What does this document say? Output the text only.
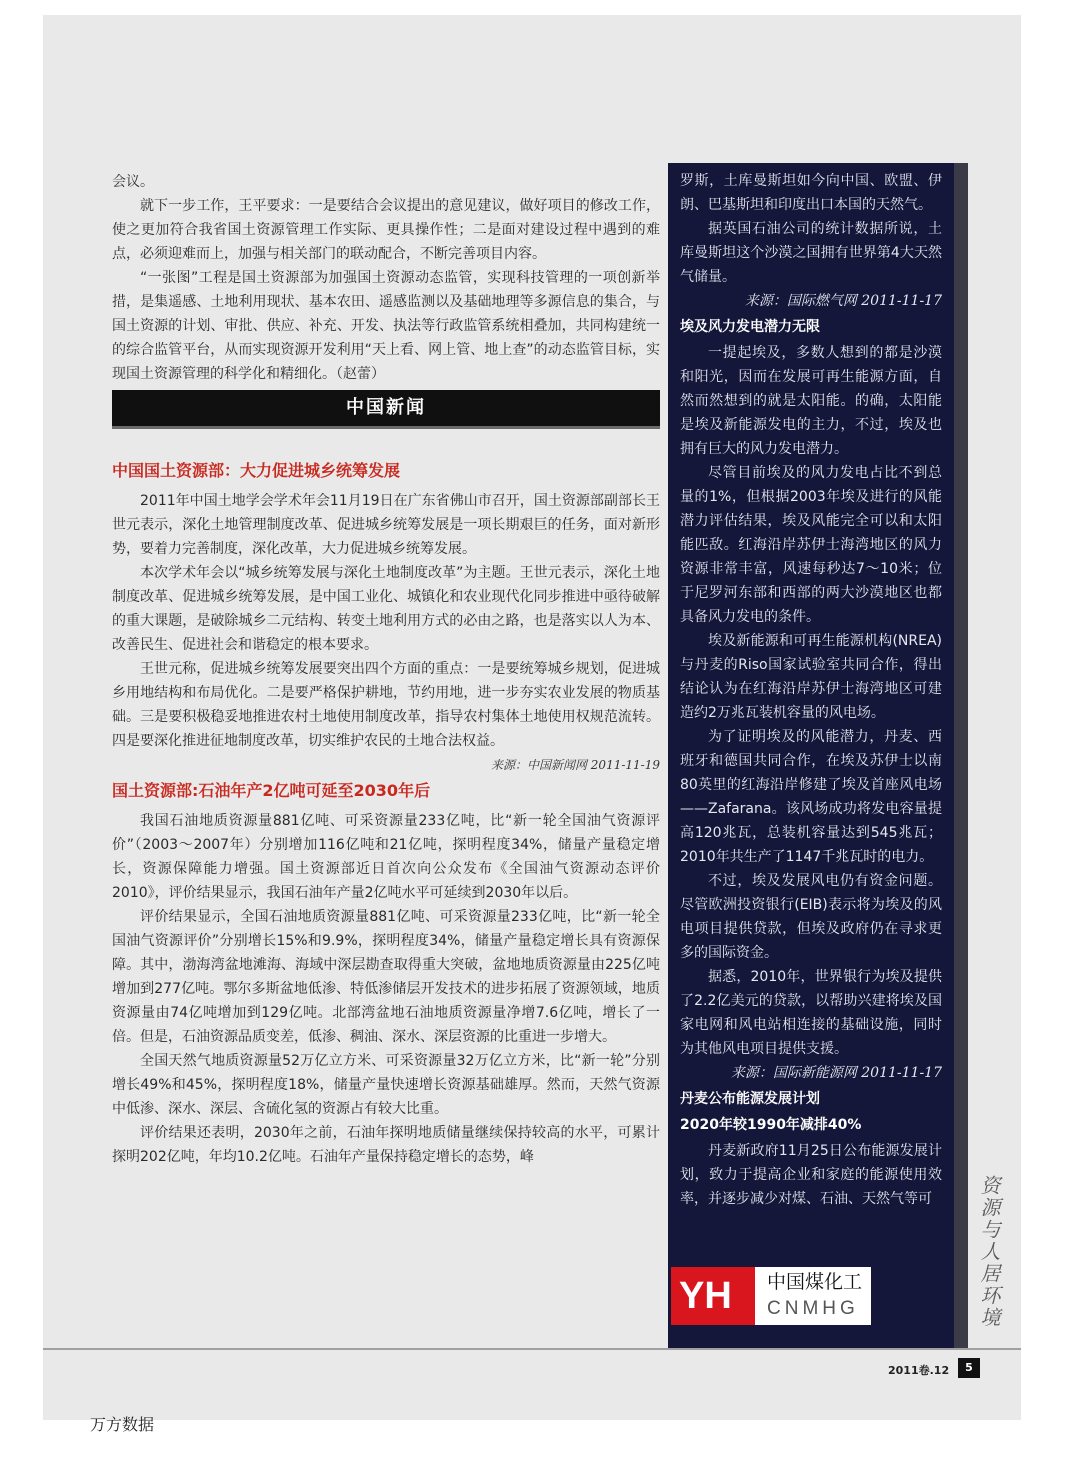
会议。

就下一步工作，王平要求：一是要结合会议提出的意见建议，做好项目的修改工作，使之更加符合我省国土资源管理工作实际、更具操作性；二是面对建设过程中遇到的难点，必须迎难而上，加强与相关部门的联动配合，不断完善项目内容。

“一张图”工程是国土资源部为加强国土资源动态监管，实现科技管理的一项创新举措，是集遥感、土地利用现状、基本农田、遥感监测以及基础地理等多源信息的集合，与国土资源的计划、审批、供应、补充、开发、执法等行政监管系统相叠加，共同构建统一的综合监管平台，从而实现资源开发利用“天上看、网上管、地上查”的动态监管目标，实现国土资源管理的科学化和精细化。（赵蕾）

中国新闻
中国国土资源部：大力促进城乡统筹发展

2011年中国土地学会学术年会11月19日在广东省佛山市召开，国土资源部副部长王世元表示，深化土地管理制度改革、促进城乡统筹发展是一项长期艰巨的任务，面对新形势，要着力完善制度，深化改革，大力促进城乡统筹发展。

本次学术年会以“城乡统筹发展与深化土地制度改革”为主题。王世元表示，深化土地制度改革、促进城乡统筹发展，是中国工业化、城镇化和农业现代化同步推进中亟待破解的重大课题，是破除城乡二元结构、转变土地利用方式的必由之路，也是落实以人为本、改善民生、促进社会和谐稳定的根本要求。

王世元称，促进城乡统筹发展要突出四个方面的重点：一是要统筹城乡规划，促进城乡用地结构和布局优化。二是要严格保护耕地，节约用地，进一步夯实农业发展的物质基础。三是要积极稳妥地推进农村土地使用制度改革，指导农村集体土地使用权规范流转。四是要深化推进征地制度改革，切实维护农民的土地合法权益。
来源：中国新闻网 2011-11-19

国土资源部:石油年产2亿吨可延至2030年后

我国石油地质资源量881亿吨、可采资源量233亿吨，比“新一轮全国油气资源评价”（2003～2007年）分别增加116亿吨和21亿吨，探明程度34%，储量产量稳定增长，资源保障能力增强。国土资源部近日首次向公众发布《全国油气资源动态评价2010》，评价结果显示，我国石油年产量2亿吨水平可延续到2030年以后。

评价结果显示，全国石油地质资源量881亿吨、可采资源量233亿吨，比“新一轮全国油气资源评价”分别增长15%和9.9%，探明程度34%，储量产量稳定增长具有资源保障。其中，渤海湾盆地滩海、海域中深层勘查取得重大突破，盆地地质资源量由225亿吨增加到277亿吨。鄂尔多斯盆地低渗、特低渗储层开发技术的进步拓展了资源领域，地质资源量由74亿吨增加到129亿吨。北部湾盆地石油地质资源量净增7.6亿吨，增长了一倍。但是，石油资源品质变差，低渗、稠油、深水、深层资源的比重进一步增大。

全国天然气地质资源量52万亿立方米、可采资源量32万亿立方米，比“新一轮”分别增长49%和45%，探明程度18%，储量产量快速增长资源基础雄厚。然而，天然气资源中低渗、深水、深层、含硫化氢的资源占有较大比重。

评价结果还表明，2030年之前，石油年探明地质储量继续保持较高的水平，可累计探明202亿吨，年均10.2亿吨。石油年产量保持稳定增长的态势，峰

罗斯，土库曼斯坦如今向中国、欧盟、伊朗、巴基斯坦和印度出口本国的天然气。

据英国石油公司的统计数据所说，土库曼斯坦这个沙漠之国拥有世界第4大天然气储量。

来源：国际燃气网 2011-11-17

埃及风力发电潜力无限

一提起埃及，多数人想到的都是沙漠和阳光，因而在发展可再生能源方面，自然而然想到的就是太阳能。的确，太阳能是埃及新能源发电的主力，不过，埃及也拥有巨大的风力发电潜力。

尽管目前埃及的风力发电占比不到总量的1%，但根据2003年埃及进行的风能潜力评估结果，埃及风能完全可以和太阳能匹敌。红海沿岸苏伊士海湾地区的风力资源非常丰富，风速每秒达7～10米；位于尼罗河东部和西部的两大沙漠地区也都具备风力发电的条件。

埃及新能源和可再生能源机构(NREA)与丹麦的Riso国家试验室共同合作，得出结论认为在红海沿岸苏伊士海湾地区可建造约2万兆瓦装机容量的风电场。

为了证明埃及的风能潜力，丹麦、西班牙和德国共同合作，在埃及苏伊士以南80英里的红海沿岸修建了埃及首座风电场——Zafarana。该风场成功将发电容量提高120兆瓦，总装机容量达到545兆瓦；2010年共生产了1147千兆瓦时的电力。

不过，埃及发展风电仍有资金问题。尽管欧洲投资银行(EIB)表示将为埃及的风电项目提供贷款，但埃及政府仍在寻求更多的国际资金。

据悉，2010年，世界银行为埃及提供了2.2亿美元的贷款，以帮助兴建将埃及国家电网和风电站相连接的基础设施，同时为其他风电项目提供支援。

来源：国际新能源网 2011-11-17

丹麦公布能源发展计划
2020年较1990年减排40%

丹麦新政府11月25日公布能源发展计划，致力于提高企业和家庭的能源使用效率，并逐步减少对煤、石油、天然气等可	资源与人居环境
YH 中国煤化工
CNMHG
2011卷.12	5
万方数据
